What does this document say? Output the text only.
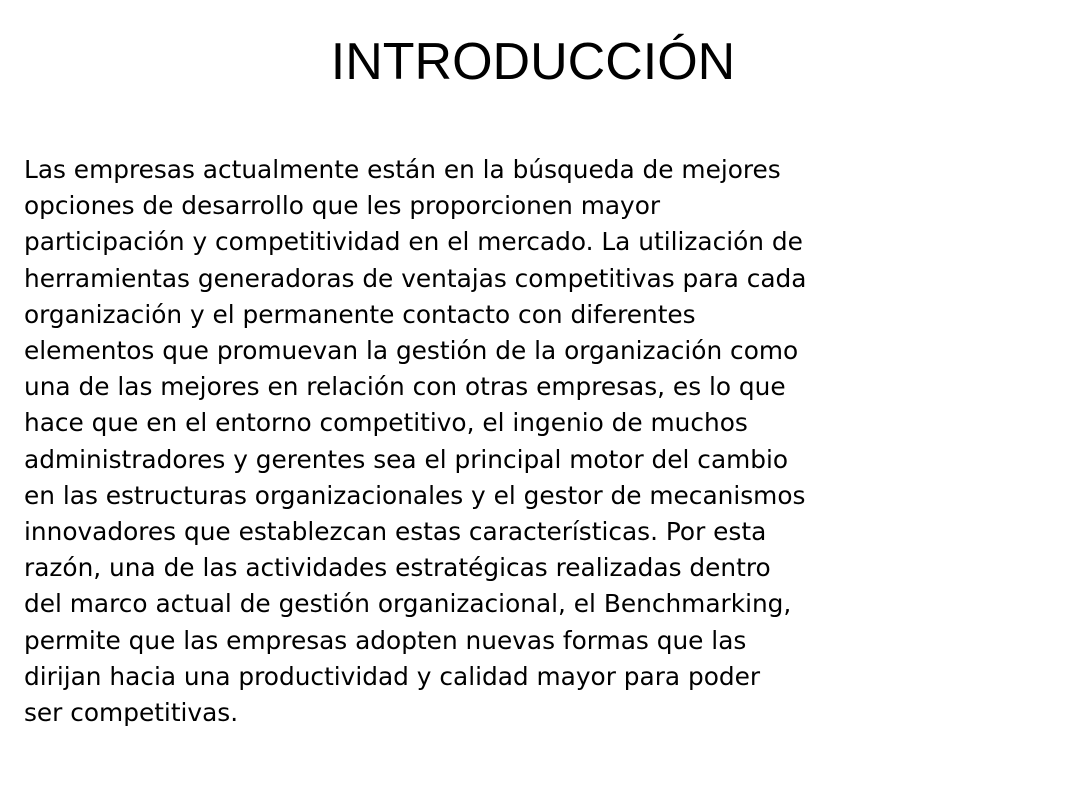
INTRODUCCIÓN

Las empresas actualmente están en la búsqueda de mejores
opciones de desarrollo que les proporcionen mayor
participación y competitividad en el mercado. La utilización de
herramientas generadoras de ventajas competitivas para cada
organización y el permanente contacto con diferentes
elementos que promuevan la gestión de la organización como
una de las mejores en relación con otras empresas, es lo que
hace que en el entorno competitivo, el ingenio de muchos
administradores y gerentes sea el principal motor del cambio
en las estructuras organizacionales y el gestor de mecanismos
innovadores que establezcan estas características. Por esta
razón, una de las actividades estratégicas realizadas dentro
del marco actual de gestión organizacional, el Benchmarking,
permite que las empresas adopten nuevas formas que las
dirijan hacia una productividad y calidad mayor para poder
ser competitivas.
